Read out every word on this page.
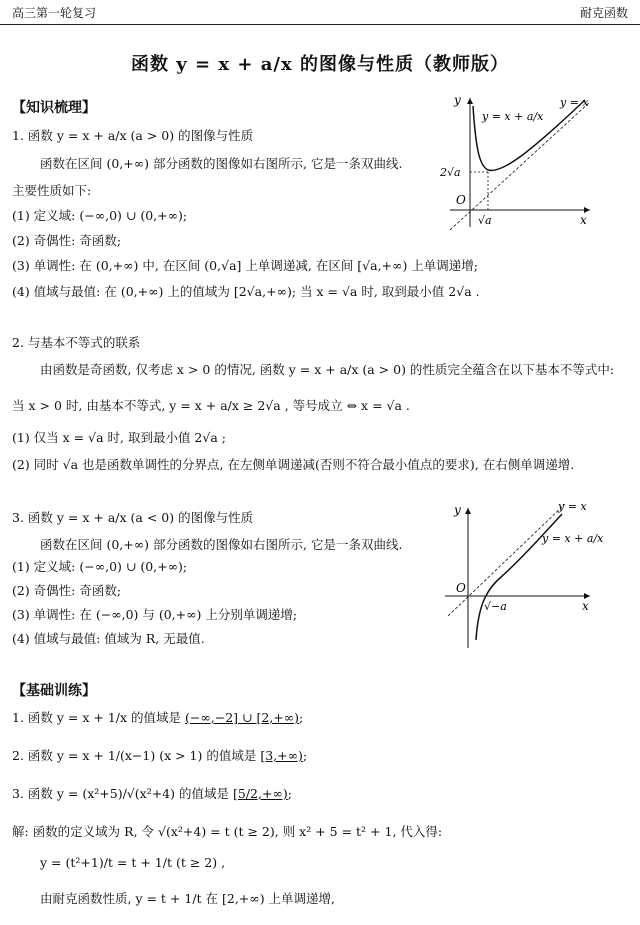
高三第一轮复习	耐克函数
函数 y = x + a/x 的图像与性质（教师版）
【知识梳理】
1. 函数 y = x + a/x (a > 0) 的图像与性质
函数在区间 (0,+∞) 部分函数的图像如右图所示, 它是一条双曲线.
主要性质如下:
(1) 定义域: (−∞,0) ∪ (0,+∞);
(2) 奇偶性: 奇函数;
(3) 单调性: 在 (0,+∞) 中, 在区间 (0,√a] 上单调递减, 在区间 [√a,+∞) 上单调递增;
(4) 值域与最值: 在 (0,+∞) 上的值域为 [2√a,+∞); 当 x = √a 时, 取到最小值 2√a .
2. 与基本不等式的联系
由函数是奇函数, 仅考虑 x > 0 的情况, 函数 y = x + a/x (a > 0) 的性质完全蕴含在以下基本不等式中:
当 x > 0 时, 由基本不等式, y = x + a/x ≥ 2√a , 等号成立 ⇔ x = √a .
(1) 仅当 x = √a 时, 取到最小值 2√a ;
(2) 同时 √a 也是函数单调性的分界点, 在左侧单调递减(否则不符合最小值点的要求), 在右侧单调递增.
3. 函数 y = x + a/x (a < 0) 的图像与性质
函数在区间 (0,+∞) 部分函数的图像如右图所示, 它是一条双曲线.
(1) 定义域: (−∞,0) ∪ (0,+∞);
(2) 奇偶性: 奇函数;
(3) 单调性: 在 (−∞,0) 与 (0,+∞) 上分别单调递增;
(4) 值域与最值: 值域为 R, 无最值.
【基础训练】
1. 函数 y = x + 1/x 的值域是 (−∞,−2] ∪ [2,+∞);
2. 函数 y = x + 1/(x−1) (x > 1) 的值域是 [3,+∞);
3. 函数 y = (x²+5)/√(x²+4) 的值域是 [5/2,+∞);
解: 函数的定义域为 R, 令 √(x²+4) = t (t ≥ 2), 则 x² + 5 = t² + 1, 代入得:
y = (t²+1)/t = t + 1/t (t ≥ 2) ,
由耐克函数性质, y = t + 1/t 在 [2,+∞) 上单调递增,
y
x
O
y = x + a/x
y = x
2√a
√a
y
x
O
y = x + a/x
y = x
√−a
